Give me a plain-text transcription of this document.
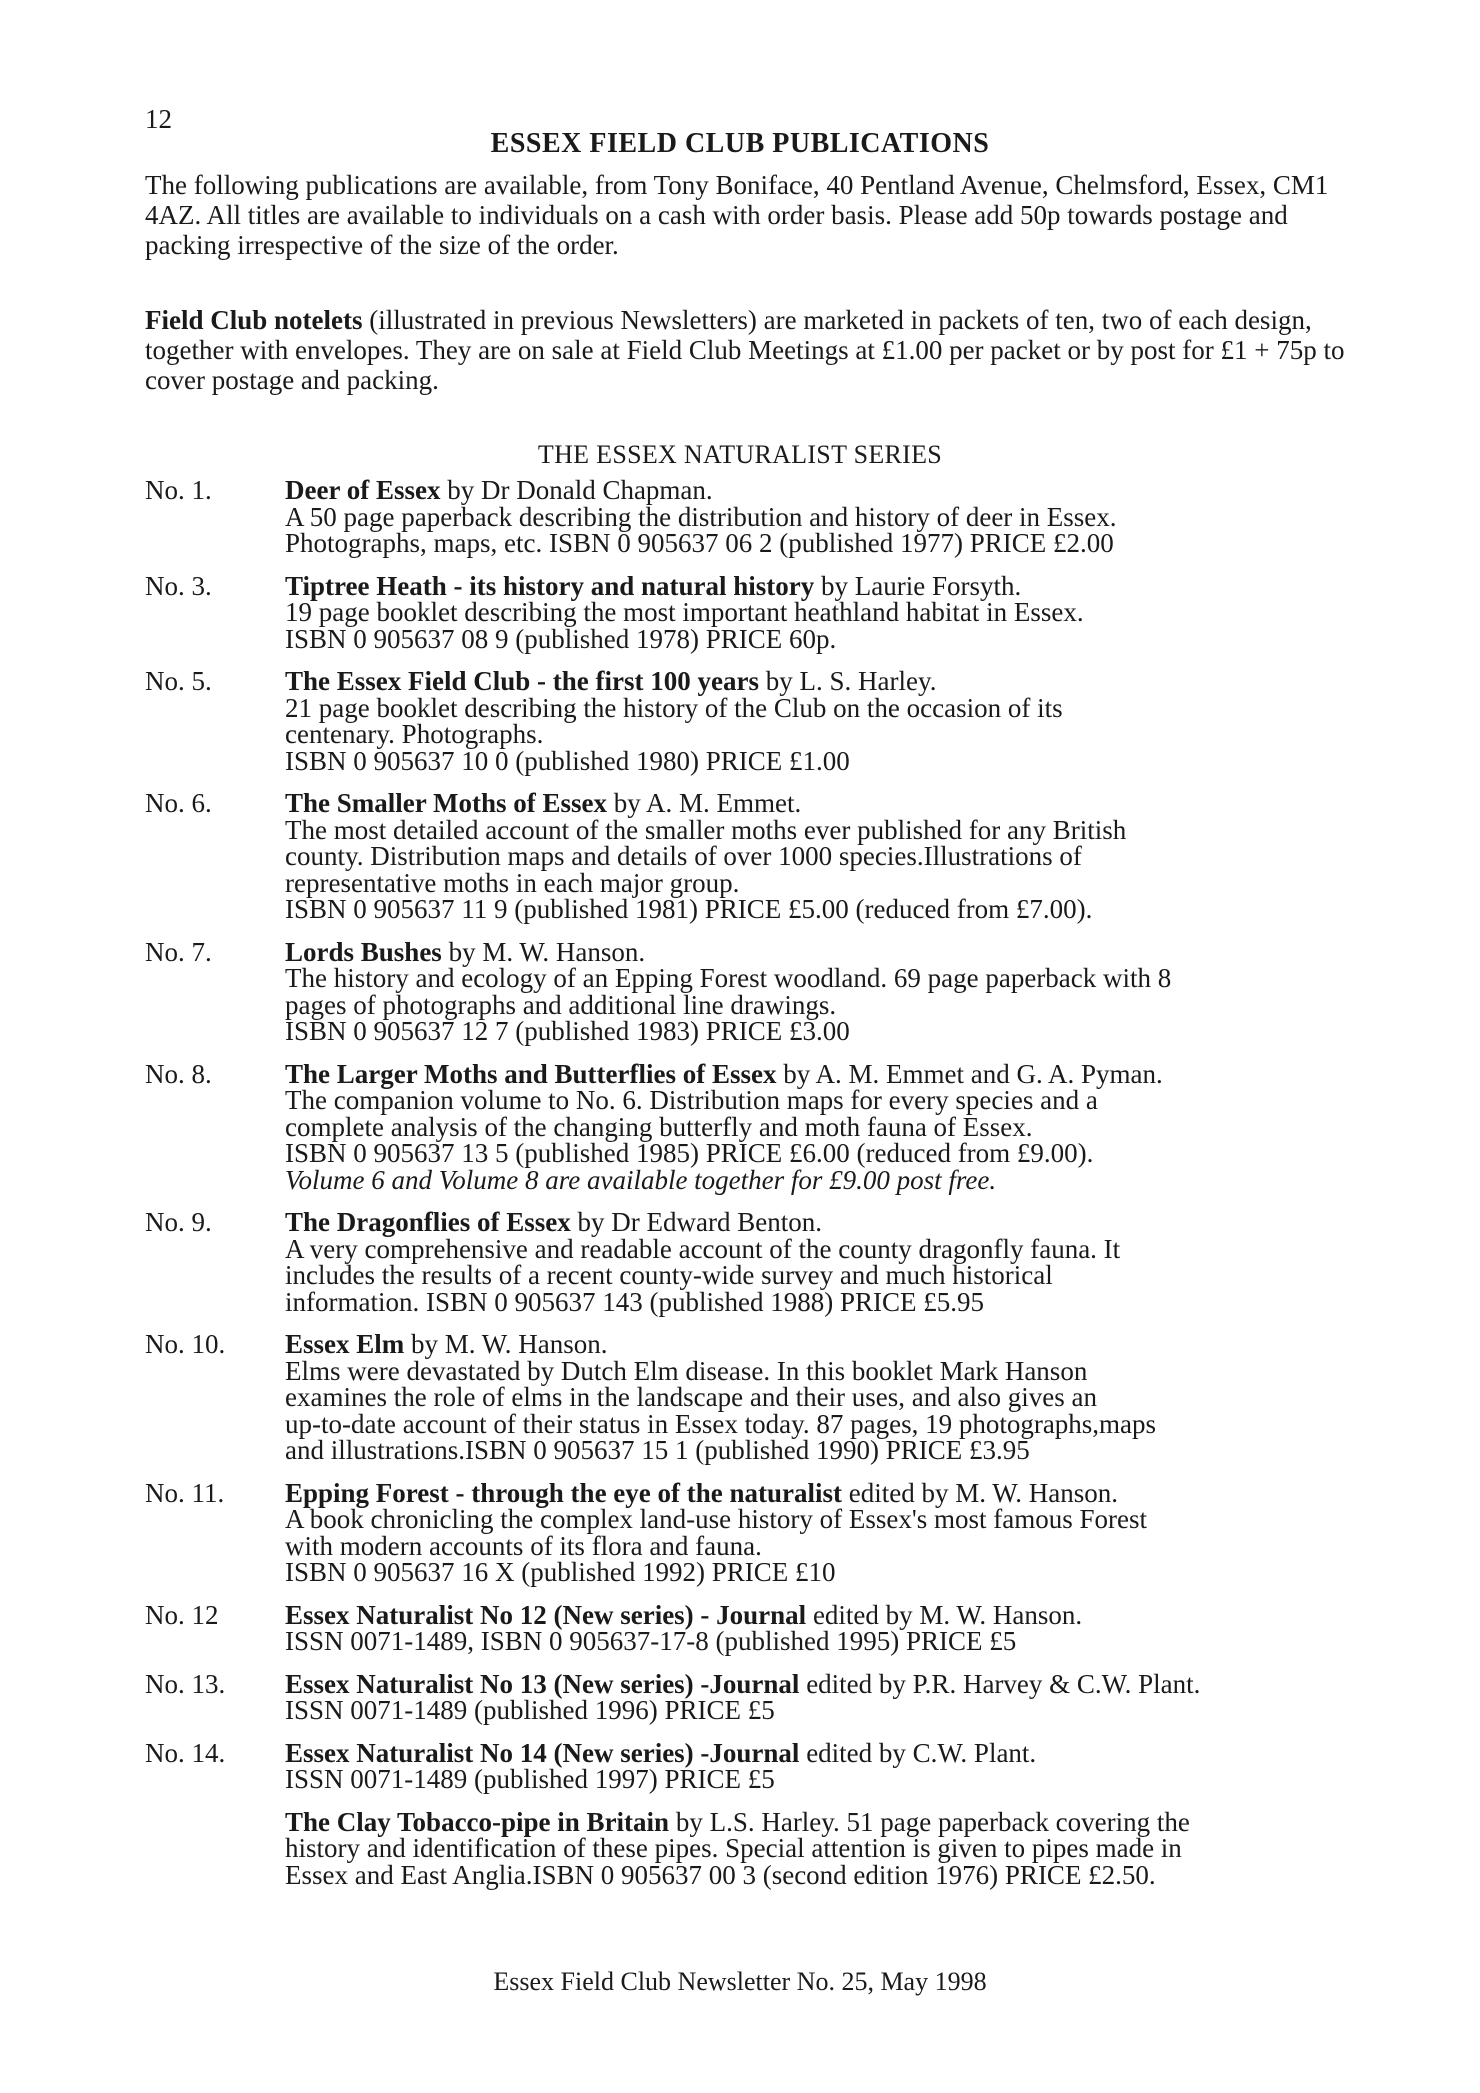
12
ESSEX FIELD CLUB PUBLICATIONS
The following publications are available, from Tony Boniface, 40 Pentland Avenue, Chelmsford, Essex, CM1 4AZ. All titles are available to individuals on a cash with order basis. Please add 50p towards postage and packing irrespective of the size of the order.
Field Club notelets (illustrated in previous Newsletters) are marketed in packets of ten, two of each design, together with envelopes. They are on sale at Field Club Meetings at £1.00 per packet or by post for £1 + 75p to cover postage and packing.
THE ESSEX NATURALIST SERIES
No. 1.	Deer of Essex by Dr Donald Chapman.
A 50 page paperback describing the distribution and history of deer in Essex.
Photographs, maps, etc. ISBN 0 905637 06 2 (published 1977) PRICE £2.00
No. 3.	Tiptree Heath - its history and natural history by Laurie Forsyth.
19 page booklet describing the most important heathland habitat in Essex.
ISBN 0 905637 08 9 (published 1978) PRICE 60p.
No. 5.	The Essex Field Club - the first 100 years by L. S. Harley.
21 page booklet describing the history of the Club on the occasion of its
centenary. Photographs.
ISBN 0 905637 10 0 (published 1980) PRICE £1.00
No. 6.	The Smaller Moths of Essex by A. M. Emmet.
The most detailed account of the smaller moths ever published for any British
county. Distribution maps and details of over 1000 species.Illustrations of
representative moths in each major group.
ISBN 0 905637 11 9 (published 1981) PRICE £5.00 (reduced from £7.00).
No. 7.	Lords Bushes by M. W. Hanson.
The history and ecology of an Epping Forest woodland. 69 page paperback with 8
pages of photographs and additional line drawings.
ISBN 0 905637 12 7 (published 1983) PRICE £3.00
No. 8.	The Larger Moths and Butterflies of Essex by A. M. Emmet and G. A. Pyman.
The companion volume to No. 6. Distribution maps for every species and a
complete analysis of the changing butterfly and moth fauna of Essex.
ISBN 0 905637 13 5 (published 1985) PRICE £6.00 (reduced from £9.00).
Volume 6 and Volume 8 are available together for £9.00 post free.
No. 9.	The Dragonflies of Essex by Dr Edward Benton.
A very comprehensive and readable account of the county dragonfly fauna. It
includes the results of a recent county-wide survey and much historical
information. ISBN 0 905637 143 (published 1988) PRICE £5.95
No. 10.	Essex Elm by M. W. Hanson.
Elms were devastated by Dutch Elm disease. In this booklet Mark Hanson
examines the role of elms in the landscape and their uses, and also gives an
up-to-date account of their status in Essex today. 87 pages, 19 photographs,maps
and illustrations.ISBN 0 905637 15 1 (published 1990) PRICE £3.95
No. 11.	Epping Forest - through the eye of the naturalist edited by M. W. Hanson.
A book chronicling the complex land-use history of Essex's most famous Forest
with modern accounts of its flora and fauna.
ISBN 0 905637 16 X (published 1992) PRICE £10
No. 12	Essex Naturalist No 12 (New series) - Journal edited by M. W. Hanson.
ISSN 0071-1489, ISBN 0 905637-17-8 (published 1995) PRICE £5
No. 13.	Essex Naturalist No 13 (New series) -Journal edited by P.R. Harvey & C.W. Plant.
ISSN 0071-1489 (published 1996) PRICE £5
No. 14.	Essex Naturalist No 14 (New series) -Journal edited by C.W. Plant.
ISSN 0071-1489 (published 1997) PRICE £5
The Clay Tobacco-pipe in Britain by L.S. Harley. 51 page paperback covering the
history and identification of these pipes. Special attention is given to pipes made in
Essex and East Anglia.ISBN 0 905637 00 3 (second edition 1976) PRICE £2.50.
Essex Field Club Newsletter No. 25, May 1998
